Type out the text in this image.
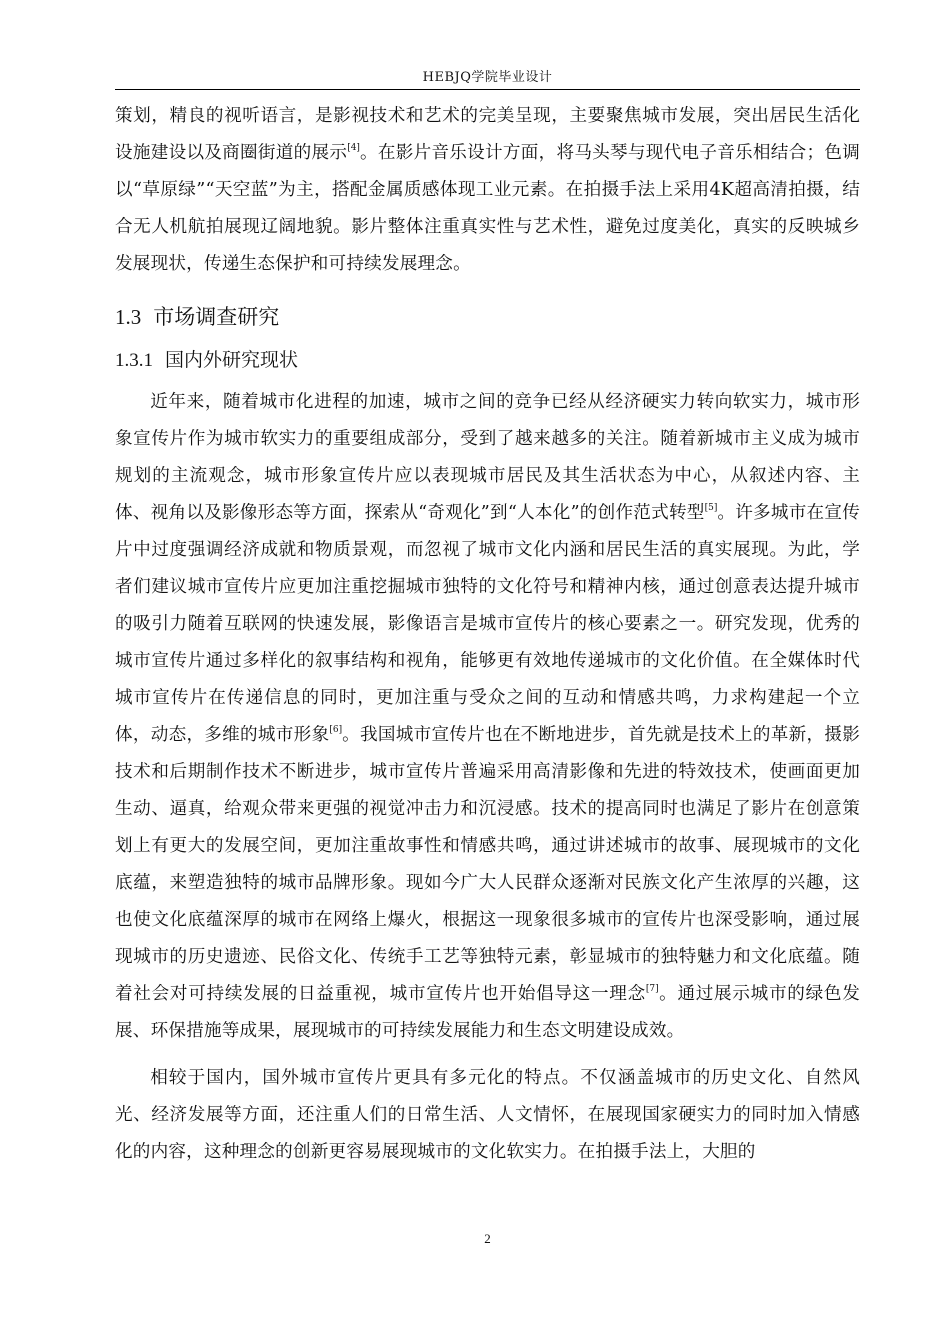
HEBJQ学院毕业设计

策划，精良的视听语言，是影视技术和艺术的完美呈现，主要聚焦城市发展，突出居民生活化设施建设以及商圈街道的展示[4]。在影片音乐设计方面，将马头琴与现代电子音乐相结合；色调以“草原绿”“天空蓝”为主，搭配金属质感体现工业元素。在拍摄手法上采用4K超高清拍摄，结合无人机航拍展现辽阔地貌。影片整体注重真实性与艺术性，避免过度美化，真实的反映城乡发展现状，传递生态保护和可持续发展理念。

1.3 市场调查研究
1.3.1 国内外研究现状

近年来，随着城市化进程的加速，城市之间的竞争已经从经济硬实力转向软实力，城市形象宣传片作为城市软实力的重要组成部分，受到了越来越多的关注。随着新城市主义成为城市规划的主流观念，城市形象宣传片应以表现城市居民及其生活状态为中心，从叙述内容、主体、视角以及影像形态等方面，探索从“奇观化”到“人本化”的创作范式转型[5]。许多城市在宣传片中过度强调经济成就和物质景观，而忽视了城市文化内涵和居民生活的真实展现。为此，学者们建议城市宣传片应更加注重挖掘城市独特的文化符号和精神内核，通过创意表达提升城市的吸引力随着互联网的快速发展，影像语言是城市宣传片的核心要素之一。研究发现，优秀的城市宣传片通过多样化的叙事结构和视角，能够更有效地传递城市的文化价值。在全媒体时代城市宣传片在传递信息的同时，更加注重与受众之间的互动和情感共鸣，力求构建起一个立体，动态，多维的城市形象[6]。我国城市宣传片也在不断地进步，首先就是技术上的革新，摄影技术和后期制作技术不断进步，城市宣传片普遍采用高清影像和先进的特效技术，使画面更加生动、逼真，给观众带来更强的视觉冲击力和沉浸感。技术的提高同时也满足了影片在创意策划上有更大的发展空间，更加注重故事性和情感共鸣，通过讲述城市的故事、展现城市的文化底蕴，来塑造独特的城市品牌形象。现如今广大人民群众逐渐对民族文化产生浓厚的兴趣，这也使文化底蕴深厚的城市在网络上爆火，根据这一现象很多城市的宣传片也深受影响，通过展现城市的历史遗迹、民俗文化、传统手工艺等独特元素，彰显城市的独特魅力和文化底蕴。随着社会对可持续发展的日益重视，城市宣传片也开始倡导这一理念[7]。通过展示城市的绿色发展、环保措施等成果，展现城市的可持续发展能力和生态文明建设成效。

相较于国内，国外城市宣传片更具有多元化的特点。不仅涵盖城市的历史文化、自然风光、经济发展等方面，还注重人们的日常生活、人文情怀，在展现国家硬实力的同时加入情感化的内容，这种理念的创新更容易展现城市的文化软实力。在拍摄手法上，大胆的

2
